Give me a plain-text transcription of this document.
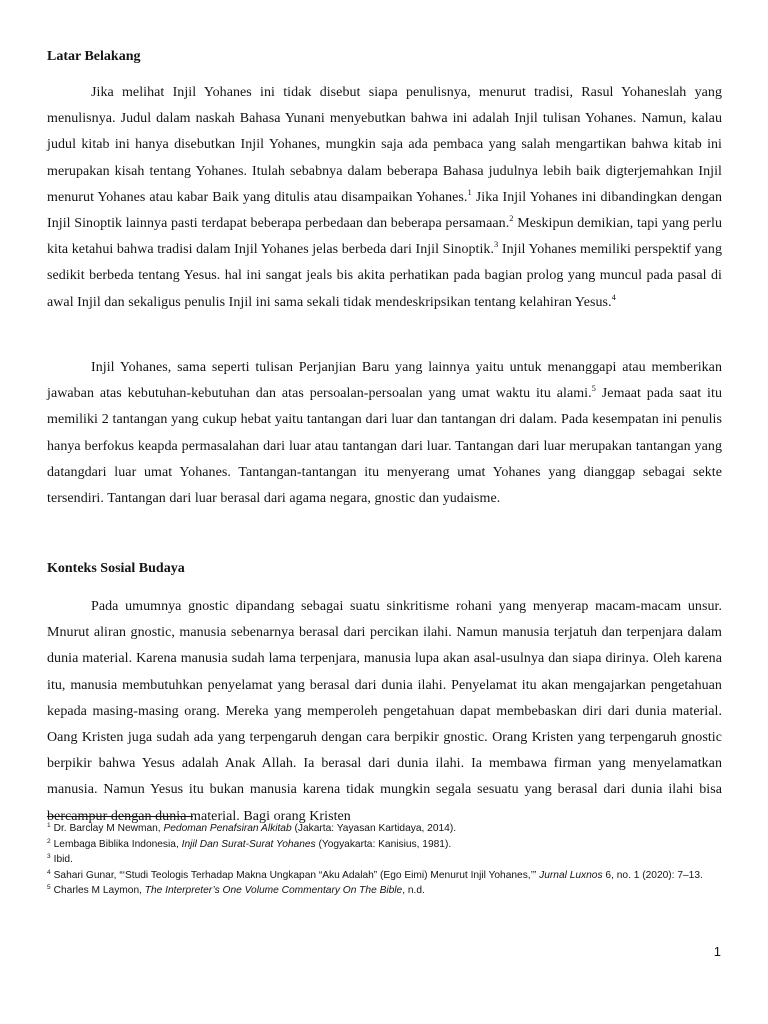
Latar Belakang

Jika melihat Injil Yohanes ini tidak disebut siapa penulisnya, menurut tradisi, Rasul Yohaneslah yang menulisnya. Judul dalam naskah Bahasa Yunani menyebutkan bahwa ini adalah Injil tulisan Yohanes. Namun, kalau judul kitab ini hanya disebutkan Injil Yohanes, mungkin saja ada pembaca yang salah mengartikan bahwa kitab ini merupakan kisah tentang Yohanes. Itulah sebabnya dalam beberapa Bahasa judulnya lebih baik digterjemahkan Injil menurut Yohanes atau kabar Baik yang ditulis atau disampaikan Yohanes.$^1$ Jika Injil Yohanes ini dibandingkan dengan Injil Sinoptik lainnya pasti terdapat beberapa perbedaan dan beberapa persamaan.$^2$ Meskipun demikian, tapi yang perlu kita ketahui bahwa tradisi dalam Injil Yohanes jelas berbeda dari Injil Sinoptik.$^3$ Injil Yohanes memiliki perspektif yang sedikit berbeda tentang Yesus. hal ini sangat jeals bis akita perhatikan pada bagian prolog yang muncul pada pasal di awal Injil dan sekaligus penulis Injil ini sama sekali tidak mendeskripsikan tentang kelahiran Yesus.$^4$

Injil Yohanes, sama seperti tulisan Perjanjian Baru yang lainnya yaitu untuk menanggapi atau memberikan jawaban atas kebutuhan-kebutuhan dan atas persoalan-persoalan yang umat waktu itu alami.$^5$ Jemaat pada saat itu memiliki 2 tantangan yang cukup hebat yaitu tantangan dari luar dan tantangan dri dalam. Pada kesempatan ini penulis hanya berfokus keapda permasalahan dari luar atau tantangan dari luar. Tantangan dari luar merupakan tantangan yang datangdari luar umat Yohanes. Tantangan-tantangan itu menyerang umat Yohanes yang dianggap sebagai sekte tersendiri. Tantangan dari luar berasal dari agama negara, gnostic dan yudaisme.

Konteks Sosial Budaya

Pada umumnya gnostic dipandang sebagai suatu sinkritisme rohani yang menyerap macam-macam unsur. Mnurut aliran gnostic, manusia sebenarnya berasal dari percikan ilahi. Namun manusia terjatuh dan terpenjara dalam dunia material. Karena manusia sudah lama terpenjara, manusia lupa akan asal-usulnya dan siapa dirinya. Oleh karena itu, manusia membutuhkan penyelamat yang berasal dari dunia ilahi. Penyelamat itu akan mengajarkan pengetahuan kepada masing-masing orang. Mereka yang memperoleh pengetahuan dapat membebaskan diri dari dunia material. Oang Kristen juga sudah ada yang terpengaruh dengan cara berpikir gnostic. Orang Kristen yang terpengaruh gnostic berpikir bahwa Yesus adalah Anak Allah. Ia berasal dari dunia ilahi. Ia membawa firman yang menyelamatkan manusia. Namun Yesus itu bukan manusia karena tidak mungkin segala sesuatu yang berasal dari dunia ilahi bisa bercampur dengan dunia material. Bagi orang Kristen

$^1$ Dr. Barclay M Newman, Pedoman Penafsiran Alkitab (Jakarta: Yayasan Kartidaya, 2014).

$^2$ Lembaga Biblika Indonesia, Injil Dan Surat-Surat Yohanes (Yogyakarta: Kanisius, 1981).

$^3$ Ibid.

$^4$ Sahari Gunar, “‘Studi Teologis Terhadap Makna Ungkapan “Aku Adalah” (Ego Eimi) Menurut Injil Yohanes,’” Jurnal Luxnos 6, no. 1 (2020): 7–13.

$^5$ Charles M Laymon, The Interpreter’s One Volume Commentary On The Bible, n.d.

1
